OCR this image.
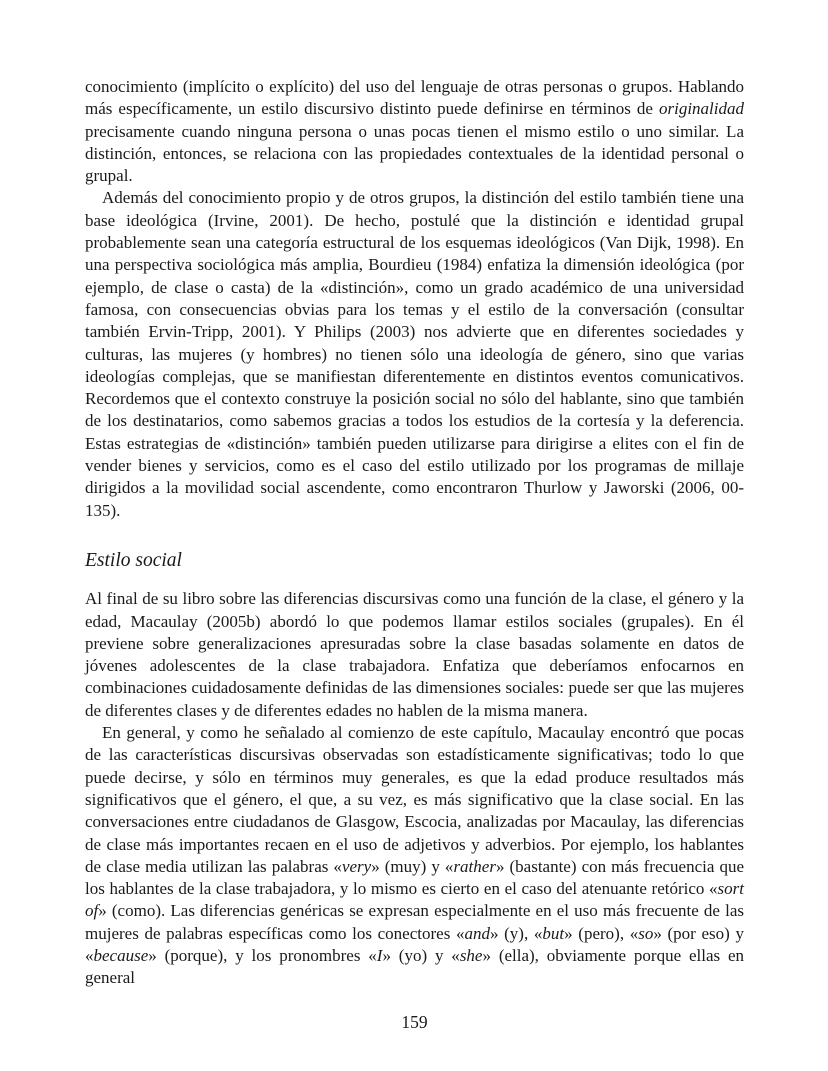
conocimiento (implícito o explícito) del uso del lenguaje de otras personas o grupos. Hablando más específicamente, un estilo discursivo distinto puede definirse en términos de originalidad precisamente cuando ninguna persona o unas pocas tienen el mismo estilo o uno similar. La distinción, entonces, se relaciona con las propiedades contextuales de la identidad personal o grupal.

Además del conocimiento propio y de otros grupos, la distinción del estilo también tiene una base ideológica (Irvine, 2001). De hecho, postulé que la distinción e identidad grupal probablemente sean una categoría estructural de los esquemas ideológicos (Van Dijk, 1998). En una perspectiva sociológica más amplia, Bourdieu (1984) enfatiza la dimensión ideológica (por ejemplo, de clase o casta) de la «distinción», como un grado académico de una universidad famosa, con consecuencias obvias para los temas y el estilo de la conversación (consultar también Ervin-Tripp, 2001). Y Philips (2003) nos advierte que en diferentes sociedades y culturas, las mujeres (y hombres) no tienen sólo una ideología de género, sino que varias ideologías complejas, que se manifiestan diferentemente en distintos eventos comunicativos. Recordemos que el contexto construye la posición social no sólo del hablante, sino que también de los destinatarios, como sabemos gracias a todos los estudios de la cortesía y la deferencia. Estas estrategias de «distinción» también pueden utilizarse para dirigirse a elites con el fin de vender bienes y servicios, como es el caso del estilo utilizado por los programas de millaje dirigidos a la movilidad social ascendente, como encontraron Thurlow y Jaworski (2006, 00-135).

Estilo social

Al final de su libro sobre las diferencias discursivas como una función de la clase, el género y la edad, Macaulay (2005b) abordó lo que podemos llamar estilos sociales (grupales). En él previene sobre generalizaciones apresuradas sobre la clase basadas solamente en datos de jóvenes adolescentes de la clase trabajadora. Enfatiza que deberíamos enfocarnos en combinaciones cuidadosamente definidas de las dimensiones sociales: puede ser que las mujeres de diferentes clases y de diferentes edades no hablen de la misma manera.

En general, y como he señalado al comienzo de este capítulo, Macaulay encontró que pocas de las características discursivas observadas son estadísticamente significativas; todo lo que puede decirse, y sólo en términos muy generales, es que la edad produce resultados más significativos que el género, el que, a su vez, es más significativo que la clase social. En las conversaciones entre ciudadanos de Glasgow, Escocia, analizadas por Macaulay, las diferencias de clase más importantes recaen en el uso de adjetivos y adverbios. Por ejemplo, los hablantes de clase media utilizan las palabras «very» (muy) y «rather» (bastante) con más frecuencia que los hablantes de la clase trabajadora, y lo mismo es cierto en el caso del atenuante retórico «sort of» (como). Las diferencias genéricas se expresan especialmente en el uso más frecuente de las mujeres de palabras específicas como los conectores «and» (y), «but» (pero), «so» (por eso) y «because» (porque), y los pronombres «I» (yo) y «she» (ella), obviamente porque ellas en general

159
